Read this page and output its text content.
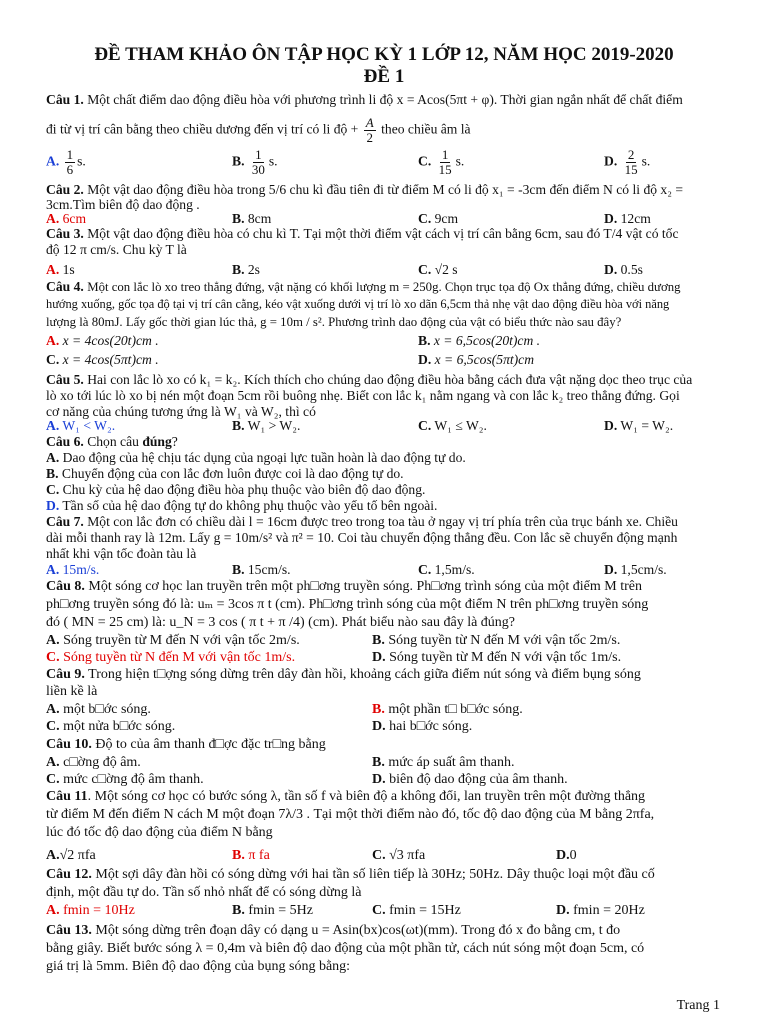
ĐỀ THAM KHẢO ÔN TẬP HỌC KỲ 1 LỚP 12, NĂM HỌC 2019-2020
ĐỀ 1
Câu 1. Một chất điểm dao động điều hòa với phương trình li độ x = Acos(5πt + φ). Thời gian ngắn nhất để chất điểm
đi từ vị trí cân bằng theo chiều dương đến vị trí có li độ + $\frac{A}{2}$ theo chiều âm là
A. $\frac{1}{6} s$.	B. $\frac{1}{30} s$.	C. $\frac{1}{15} s$.	D. $\frac{2}{15} s$.
Câu 2. Một vật dao động điều hòa trong 5/6 chu kì đầu tiên đi từ điểm M có li độ x₁ = -3cm đến điểm N có li độ x₂ =
3cm.Tìm biên độ dao động .
A. 6cm	B. 8cm	C. 9cm	D. 12cm
Câu 3. Một vật dao động điều hòa có chu kì T. Tại một thời điểm vật cách vị trí cân bằng 6cm, sau đó T/4 vật có tốc
độ 12 π cm/s. Chu kỳ T là
A. 1s	B. 2s	C. √2 s	D. 0.5s
Câu 4. Một con lắc lò xo treo thẳng đứng, vật nặng có khối lượng m = 250g. Chọn trục tọa độ Ox thẳng đứng, chiều dương
hướng xuống, gốc tọa độ tại vị trí cân cằng, kéo vật xuống dưới vị trí lò xo dãn 6,5cm thả nhẹ vật dao động điều hòa với năng
lượng là 80mJ. Lấy gốc thời gian lúc thả, g = 10m / s². Phương trình dao động của vật có biểu thức nào sau đây?
A. x = 4cos(20t)cm .	B. x = 6,5cos(20t)cm .
C. x = 4cos(5πt)cm .	D. x = 6,5cos(5πt)cm
Câu 5. Hai con lắc lò xo có k₁ = k₂. Kích thích cho chúng dao động điều hòa bằng cách đưa vật nặng dọc theo trục của
lò xo tới lúc lò xo bị nén một đoạn 5cm rồi buông nhẹ. Biết con lắc k₁ nằm ngang và con lắc k₂ treo thẳng đứng. Gọi
cơ năng của chúng tương ứng là W₁ và W₂, thì có
A. W₁ < W₂.	B. W₁ > W₂.	C. W₁ ≤ W₂.	D. W₁ = W₂.
Câu 6. Chọn câu đúng?
A. Dao động của hệ chịu tác dụng của ngoại lực tuần hoàn là dao động tự do.
B. Chuyển động của con lắc đơn luôn được coi là dao động tự do.
C. Chu kỳ của hệ dao động điều hòa phụ thuộc vào biên độ dao động.
D. Tần số của hệ dao động tự do không phụ thuộc vào yếu tố bên ngoài.
Câu 7. Một con lắc đơn có chiều dài l = 16cm được treo trong toa tàu ở ngay vị trí phía trên của trục bánh xe. Chiều
dài mỗi thanh ray là 12m. Lấy g = 10m/s² và π² = 10. Coi tàu chuyển động thẳng đều. Con lắc sẽ chuyển động mạnh
nhất khi vận tốc đoàn tàu là
A. 15m/s.	B. 15cm/s.	C. 1,5m/s.	D. 1,5cm/s.
Câu 8. Một sóng cơ học lan truyền trên một ph□ơng truyền sóng. Ph□ơng trình sóng của một điểm M trên
ph□ơng truyền sóng đó là: uₘ = 3cos π t (cm). Ph□ơng trình sóng của một điểm N trên ph□ơng truyền sóng
đó ( MN = 25 cm) là: u_N = 3 cos ( π t + π /4) (cm). Phát biểu nào sau đây là đúng?
A. Sóng truyền từ M đến N với vận tốc 2m/s.	B. Sóng tuyền từ N đến M với vận tốc 2m/s.
C. Sóng tuyền từ N đến M với vận tốc 1m/s.	D. Sóng tuyền từ M đến N với vận tốc 1m/s.
Câu 9. Trong hiện t□ợng sóng dừng trên dây đàn hồi, khoảng cách giữa điểm nút sóng và điểm bụng sóng
liền kề là
A. một b□ớc sóng.	B. một phần t□ b□ớc sóng.
C. một nửa b□ớc sóng.	D. hai b□ớc sóng.
Câu 10. Độ to của âm thanh đ□ợc đặc tr□ng bằng
A. c□ờng độ âm.	B. mức áp suất âm thanh.
C. mức c□ờng độ âm thanh.	D. biên độ dao động của âm thanh.
Câu 11. Một sóng cơ học có bước sóng λ, tần số f và biên độ a không đổi, lan truyền trên một đường thẳng
từ điểm M đến điểm N cách M một đoạn 7λ/3 . Tại một thời điểm nào đó, tốc độ dao động của M bằng 2πfa,
lúc đó tốc độ dao động của điểm N bằng
A.√2 πfa	B. π fa	C. √3 πfa	D.0
Câu 12. Một sợi dây đàn hồi có sóng dừng với hai tần số liên tiếp là 30Hz; 50Hz. Dây thuộc loại một đầu cố
định, một đầu tự do. Tần số nhỏ nhất để có sóng dừng là
A. fmin = 10Hz	B. fmin = 5Hz	C. fmin = 15Hz	D. fmin = 20Hz
Câu 13. Một sóng dừng trên đoạn dây có dạng u = Asin(bx)cos(ωt)(mm). Trong đó x đo bằng cm, t đo
bằng giây. Biết bước sóng λ = 0,4m và biên độ dao động của một phần tử, cách nút sóng một đoạn 5cm, có
giá trị là 5mm. Biên độ dao động của bụng sóng bằng:
Trang 1
